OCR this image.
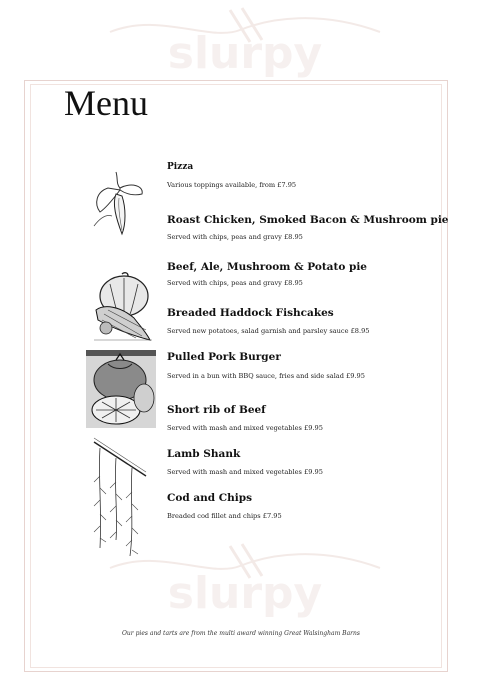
slurpy
Menu
Pizza

Various toppings available, from £7.95

Roast Chicken, Smoked Bacon & Mushroom pie

Served with chips, peas and gravy £8.95

Beef, Ale, Mushroom & Potato pie

Served with chips, peas and gravy £8.95

Breaded Haddock Fishcakes

Served new potatoes, salad garnish and parsley sauce £8.95

Pulled Pork Burger

Served in a bun with BBQ sauce, fries and side salad £9.95

Short rib of Beef

Served with mash and mixed vegetables £9.95

Lamb Shank

Served with mash and mixed vegetables £9.95

Cod and Chips

Breaded cod fillet and chips £7.95

slurpy

Our pies and tarts are from the multi award winning Great Walsingham Barns
